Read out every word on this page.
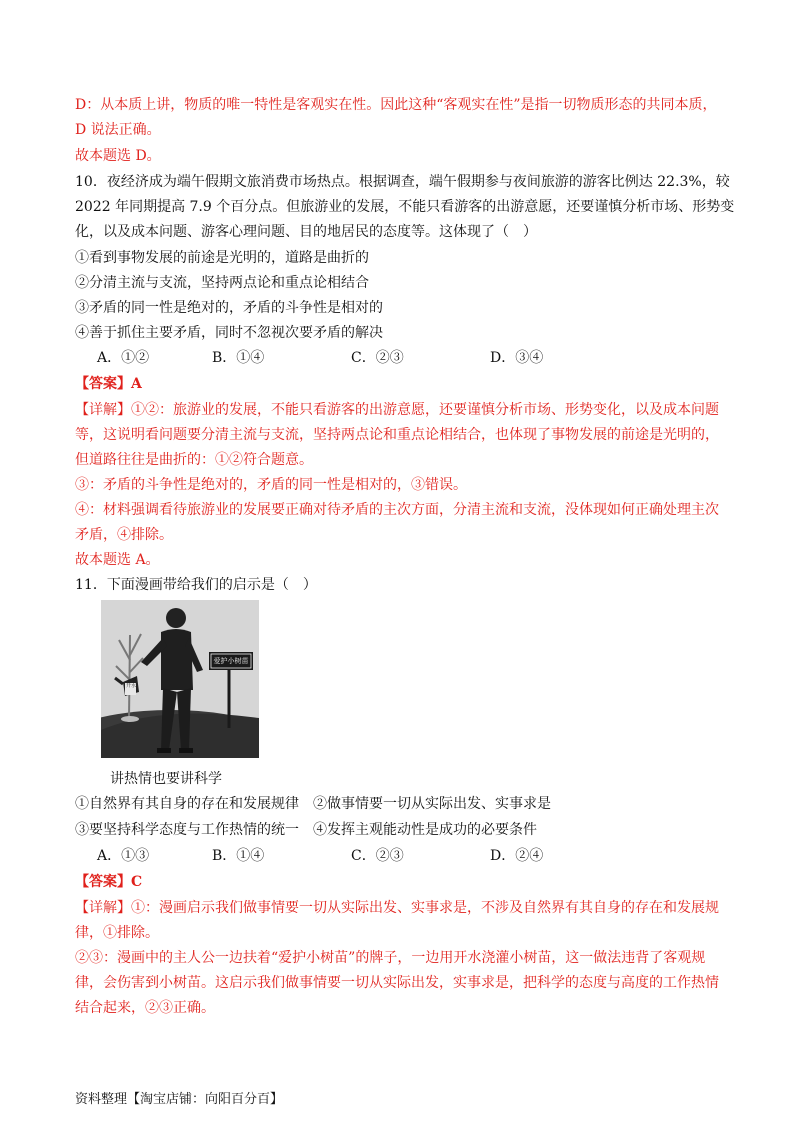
D：从本质上讲，物质的唯一特性是客观实在性。因此这种“客观实在性”是指一切物质形态的共同本质，
D 说法正确。
故本题选 D。
10．夜经济成为端午假期文旅消费市场热点。根据调查，端午假期参与夜间旅游的游客比例达 22.3%，较
2022 年同期提高 7.9 个百分点。但旅游业的发展，不能只看游客的出游意愿，还要谨慎分析市场、形势变
化，以及成本问题、游客心理问题、目的地居民的态度等。这体现了（　）
①看到事物发展的前途是光明的，道路是曲折的
②分清主流与支流，坚持两点论和重点论相结合
③矛盾的同一性是绝对的，矛盾的斗争性是相对的
④善于抓住主要矛盾，同时不忽视次要矛盾的解决
A．①②	B．①④	C．②③	D．③④
【答案】A
【详解】①②：旅游业的发展，不能只看游客的出游意愿，还要谨慎分析市场、形势变化，以及成本问题
等，这说明看问题要分清主流与支流，坚持两点论和重点论相结合，也体现了事物发展的前途是光明的，
但道路往往是曲折的：①②符合题意。
③：矛盾的斗争性是绝对的，矛盾的同一性是相对的，③错误。
④：材料强调看待旅游业的发展要正确对待矛盾的主次方面，分清主流和支流，没体现如何正确处理主次
矛盾，④排除。
故本题选 A。
11．下面漫画带给我们的启示是（　）
爱护小树苗
开水
讲热情也要讲科学
①自然界有其自身的存在和发展规律　②做事情要一切从实际出发、实事求是
③要坚持科学态度与工作热情的统一　④发挥主观能动性是成功的必要条件
A．①③	B．①④	C．②③	D．②④
【答案】C
【详解】①：漫画启示我们做事情要一切从实际出发、实事求是，不涉及自然界有其自身的存在和发展规
律，①排除。
②③：漫画中的主人公一边扶着“爱护小树苗”的牌子，一边用开水浇灌小树苗，这一做法违背了客观规
律，会伤害到小树苗。这启示我们做事情要一切从实际出发，实事求是，把科学的态度与高度的工作热情
结合起来，②③正确。
资料整理【淘宝店铺：向阳百分百】
